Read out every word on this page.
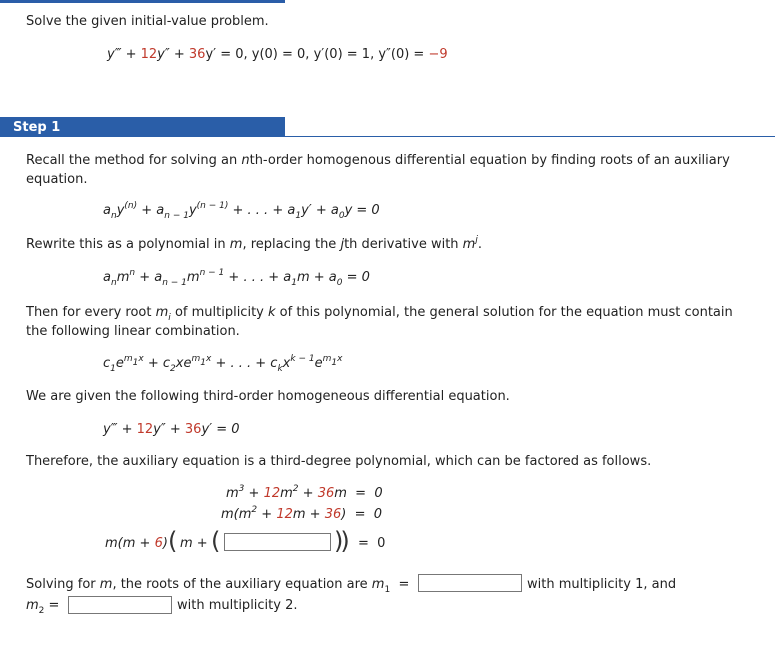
Solve the given initial-value problem.
y‴ + 12y″ + 36y′ = 0, y(0) = 0, y′(0) = 1, y″(0) = −9
Step 1
Recall the method for solving an nth-order homogenous differential equation by finding roots of an auxiliary
equation.
$a_ny^{(n)} + a_{n - 1}y^{(n - 1)}$ + . . . + $a_1y' + a_0y = 0$
Rewrite this as a polynomial in m, replacing the jth derivative with $m^j$.
$a_nm^n + a_{n - 1}m^{n - 1}$ + . . . + $a_1m + a_0 = 0$
Then for every root $m_i$ of multiplicity k of this polynomial, the general solution for the equation must contain
the following linear combination.
$c_1e^{m_1x} + c_2xe^{m_1x}$ + . . . + $c_kx^{k - 1}e^{m_1x}$
We are given the following third-order homogeneous differential equation.
y‴ + 12y″ + 36y′ = 0
Therefore, the auxiliary equation is a third-degree polynomial, which can be factored as follows.
$m^3 + 12m^2 + 36m = 0$
$m(m^2 + 12m + 36) = 0$
m(m + 6) ( m + (	)) =  0
Solving for m, the roots of the auxiliary equation are $m_1$ =	with multiplicity 1, and
$m_2$ =	with multiplicity 2.
